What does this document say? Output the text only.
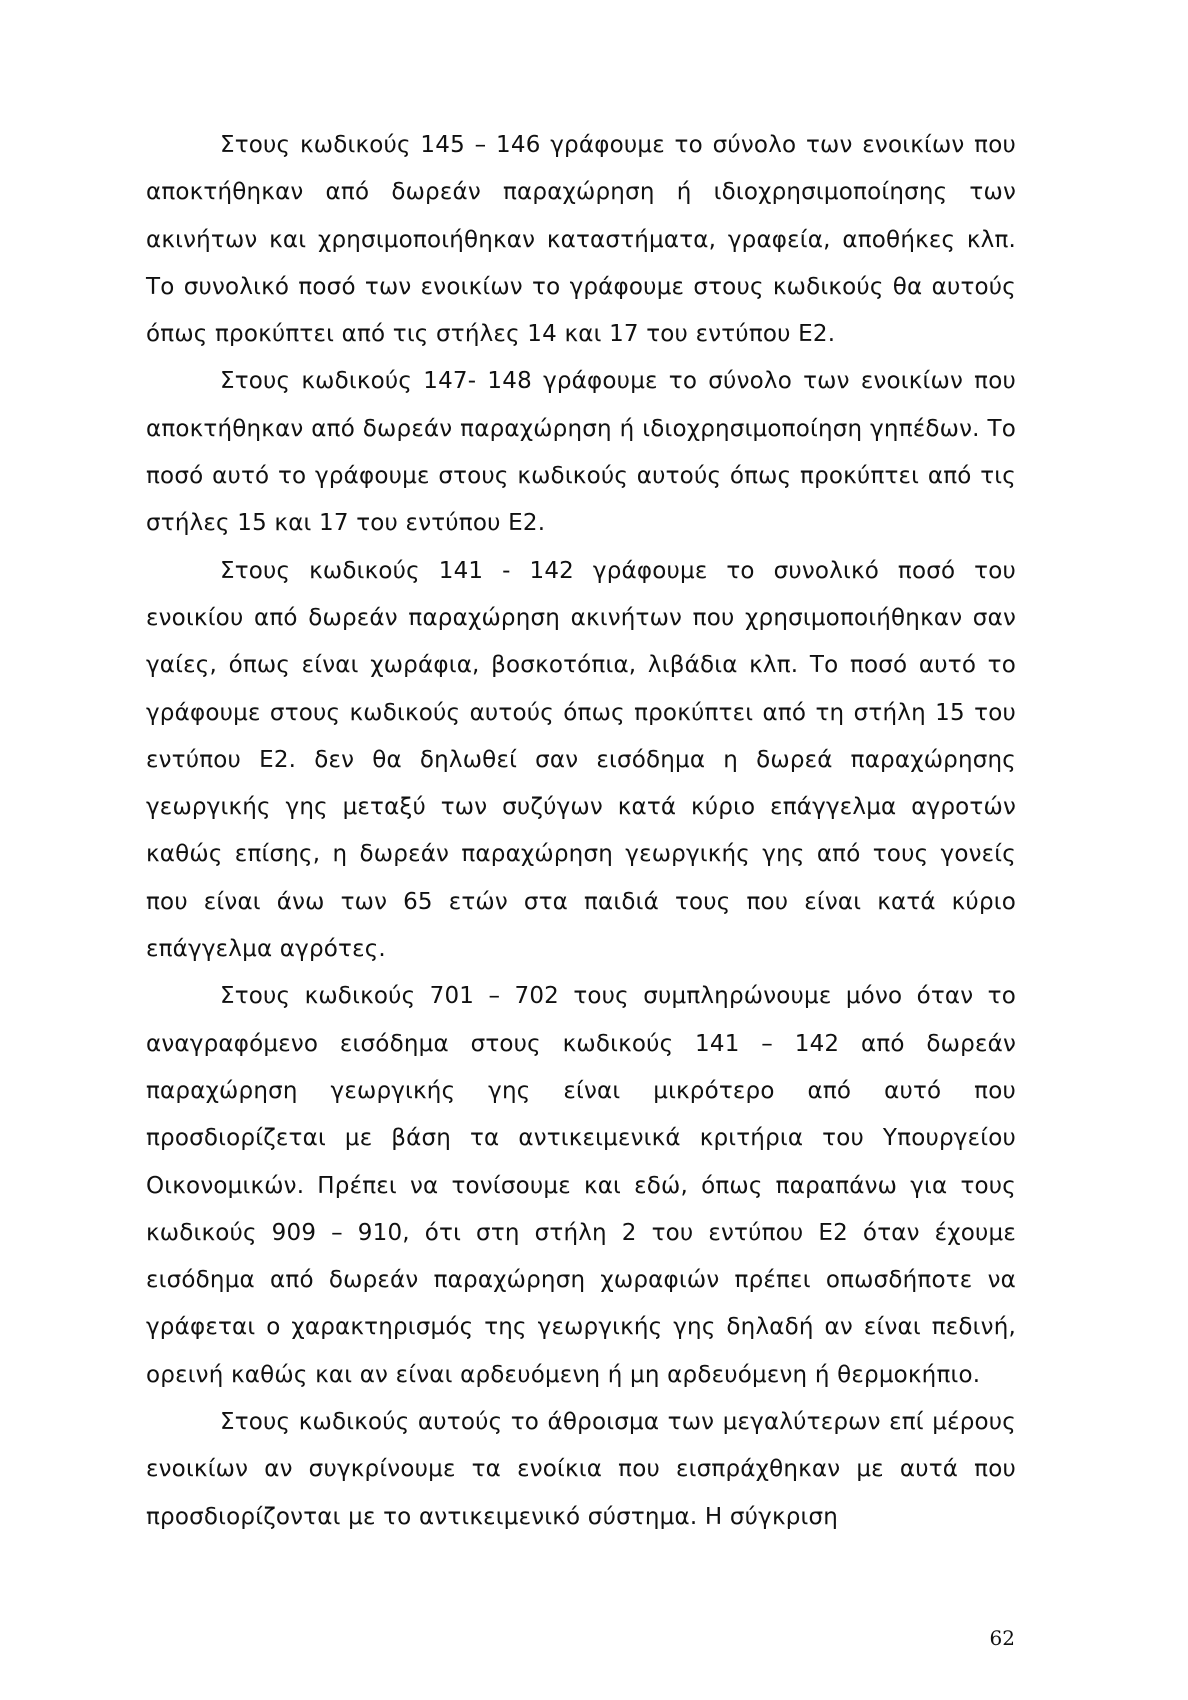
Στους κωδικούς 145 – 146 γράφουμε το σύνολο των ενοικίων που αποκτήθηκαν από δωρεάν παραχώρηση ή ιδιοχρησιμοποίησης των ακινήτων και χρησιμοποιήθηκαν καταστήματα, γραφεία, αποθήκες κλπ. Το συνολικό ποσό των ενοικίων το γράφουμε στους κωδικούς θα αυτούς όπως προκύπτει από τις στήλες 14 και 17 του εντύπου Ε2.

Στους κωδικούς 147- 148 γράφουμε το σύνολο των ενοικίων που αποκτήθηκαν από δωρεάν παραχώρηση ή ιδιοχρησιμοποίηση γηπέδων. Το ποσό αυτό το γράφουμε στους κωδικούς αυτούς όπως προκύπτει από τις στήλες 15 και 17 του εντύπου Ε2.

Στους κωδικούς 141 - 142 γράφουμε το συνολικό ποσό του ενοικίου από δωρεάν παραχώρηση ακινήτων που χρησιμοποιήθηκαν σαν γαίες, όπως είναι χωράφια, βοσκοτόπια, λιβάδια κλπ. Το ποσό αυτό το γράφουμε στους κωδικούς αυτούς όπως προκύπτει από τη στήλη 15 του εντύπου Ε2. δεν θα δηλωθεί σαν εισόδημα η δωρεά παραχώρησης γεωργικής γης μεταξύ των συζύγων κατά κύριο επάγγελμα αγροτών καθώς επίσης, η δωρεάν παραχώρηση γεωργικής γης από τους γονείς που είναι άνω των 65 ετών στα παιδιά τους που είναι κατά κύριο επάγγελμα αγρότες.

Στους κωδικούς 701 – 702 τους συμπληρώνουμε μόνο όταν το αναγραφόμενο εισόδημα στους κωδικούς 141 – 142 από δωρεάν παραχώρηση γεωργικής γης είναι μικρότερο από αυτό που προσδιορίζεται με βάση τα αντικειμενικά κριτήρια του Υπουργείου Οικονομικών. Πρέπει να τονίσουμε και εδώ, όπως παραπάνω για τους κωδικούς 909 – 910, ότι στη στήλη 2 του εντύπου Ε2 όταν έχουμε εισόδημα από δωρεάν παραχώρηση χωραφιών πρέπει οπωσδήποτε να γράφεται ο χαρακτηρισμός της γεωργικής γης δηλαδή αν είναι πεδινή, ορεινή καθώς και αν είναι αρδευόμενη ή μη αρδευόμενη ή θερμοκήπιο.

Στους κωδικούς αυτούς το άθροισμα των μεγαλύτερων επί μέρους ενοικίων αν συγκρίνουμε τα ενοίκια που εισπράχθηκαν με αυτά που προσδιορίζονται με το αντικειμενικό σύστημα. Η σύγκριση

62
